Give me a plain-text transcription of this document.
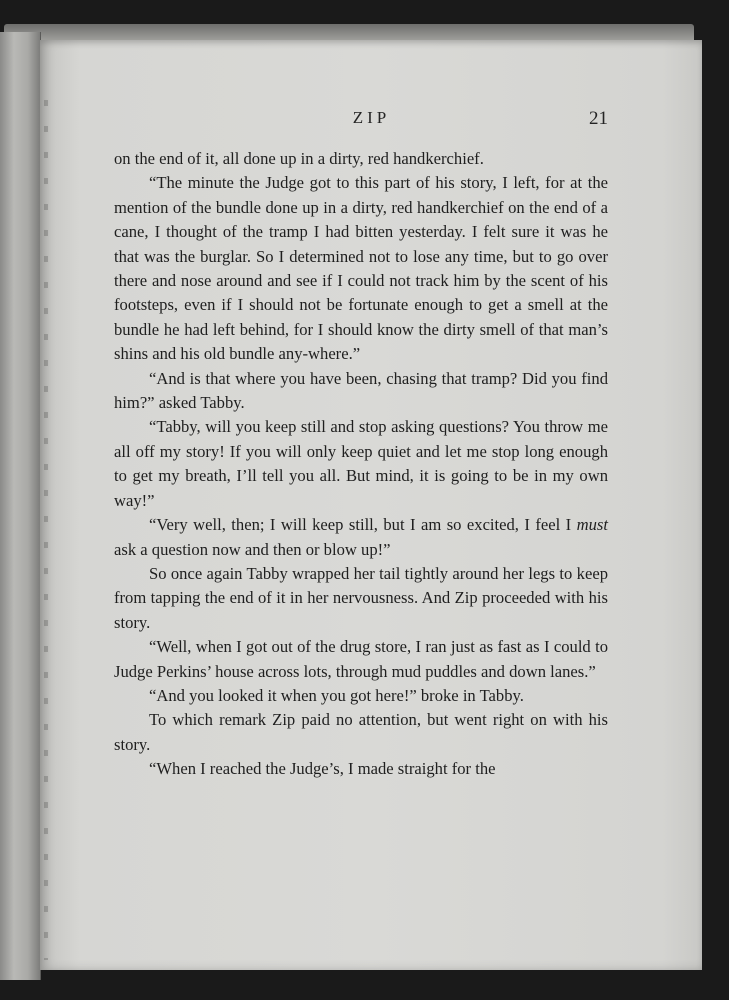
ZIP	21

on the end of it, all done up in a dirty, red handkerchief.

“The minute the Judge got to this part of his story, I left, for at the mention of the bundle done up in a dirty, red handkerchief on the end of a cane, I thought of the tramp I had bitten yesterday. I felt sure it was he that was the burglar. So I determined not to lose any time, but to go over there and nose around and see if I could not track him by the scent of his footsteps, even if I should not be fortunate enough to get a smell at the bundle he had left behind, for I should know the dirty smell of that man’s shins and his old bundle any-where.”

“And is that where you have been, chasing that tramp? Did you find him?” asked Tabby.

“Tabby, will you keep still and stop asking questions? You throw me all off my story! If you will only keep quiet and let me stop long enough to get my breath, I’ll tell you all. But mind, it is going to be in my own way!”

“Very well, then; I will keep still, but I am so excited, I feel I must ask a question now and then or blow up!”

So once again Tabby wrapped her tail tightly around her legs to keep from tapping the end of it in her nervousness. And Zip proceeded with his story.

“Well, when I got out of the drug store, I ran just as fast as I could to Judge Perkins’ house across lots, through mud puddles and down lanes.”

“And you looked it when you got here!” broke in Tabby.

To which remark Zip paid no attention, but went right on with his story.

“When I reached the Judge’s, I made straight for the
